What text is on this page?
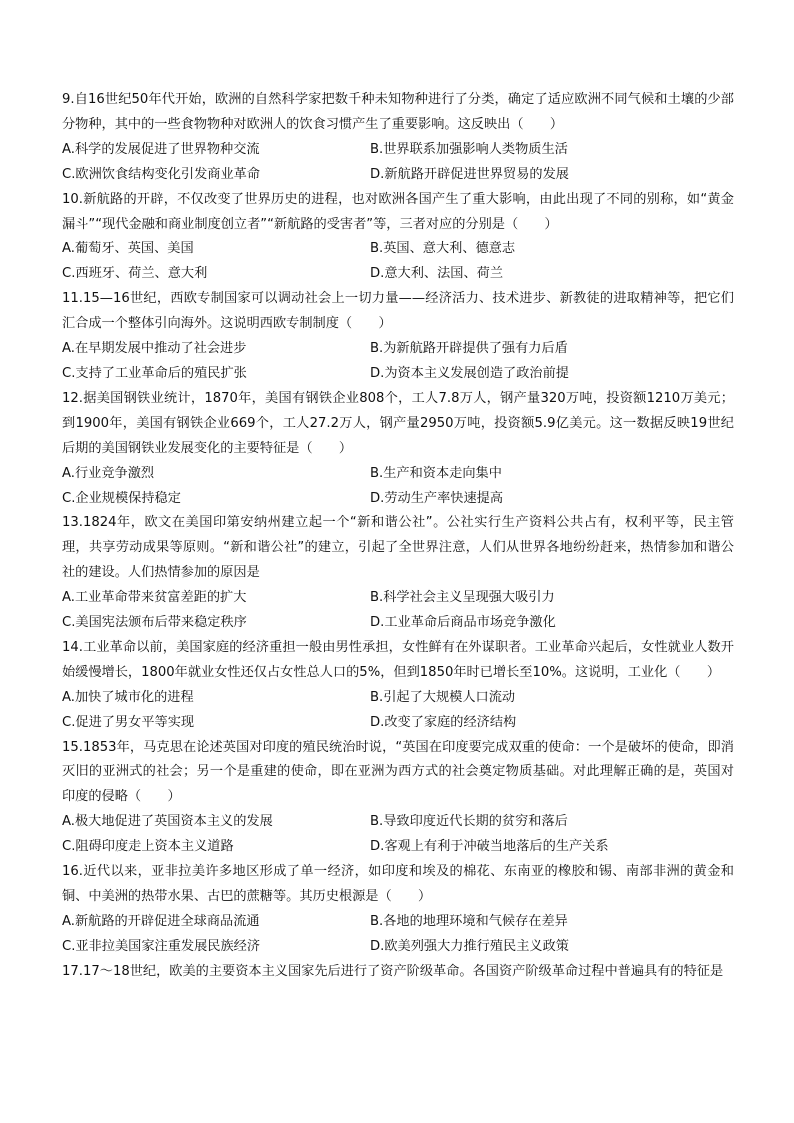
9.自16世纪50年代开始，欧洲的自然科学家把数千种未知物种进行了分类，确定了适应欧洲不同气候和土壤的少部分物种，其中的一些食物物种对欧洲人的饮食习惯产生了重要影响。这反映出（　　）

A.科学的发展促进了世界物种交流	B.世界联系加强影响人类物质生活
C.欧洲饮食结构变化引发商业革命	D.新航路开辟促进世界贸易的发展

10.新航路的开辟，不仅改变了世界历史的进程，也对欧洲各国产生了重大影响，由此出现了不同的别称，如“黄金漏斗”“现代金融和商业制度创立者”“新航路的受害者”等，三者对应的分别是（　　）

A.葡萄牙、英国、美国	B.英国、意大利、德意志
C.西班牙、荷兰、意大利	D.意大利、法国、荷兰

11.15—16世纪，西欧专制国家可以调动社会上一切力量——经济活力、技术进步、新教徒的进取精神等，把它们汇合成一个整体引向海外。这说明西欧专制制度（　　）

A.在早期发展中推动了社会进步	B.为新航路开辟提供了强有力后盾
C.支持了工业革命后的殖民扩张	D.为资本主义发展创造了政治前提

12.据美国钢铁业统计，1870年，美国有钢铁企业808个，工人7.8万人，钢产量320万吨，投资额1210万美元；到1900年，美国有钢铁企业669个，工人27.2万人，钢产量2950万吨，投资额5.9亿美元。这一数据反映19世纪后期的美国钢铁业发展变化的主要特征是（　　）

A.行业竞争激烈	B.生产和资本走向集中
C.企业规模保持稳定	D.劳动生产率快速提高

13.1824年，欧文在美国印第安纳州建立起一个“新和谐公社”。公社实行生产资料公共占有，权利平等，民主管理，共享劳动成果等原则。“新和谐公社”的建立，引起了全世界注意，人们从世界各地纷纷赶来，热情参加和谐公社的建设。人们热情参加的原因是

A.工业革命带来贫富差距的扩大	B.科学社会主义呈现强大吸引力
C.美国宪法颁布后带来稳定秩序	D.工业革命后商品市场竞争激化

14.工业革命以前，美国家庭的经济重担一般由男性承担，女性鲜有在外谋职者。工业革命兴起后，女性就业人数开始缓慢增长，1800年就业女性还仅占女性总人口的5%，但到1850年时已增长至10%。这说明，工业化（　　）

A.加快了城市化的进程	B.引起了大规模人口流动
C.促进了男女平等实现	D.改变了家庭的经济结构

15.1853年，马克思在论述英国对印度的殖民统治时说，“英国在印度要完成双重的使命：一个是破坏的使命，即消灭旧的亚洲式的社会；另一个是重建的使命，即在亚洲为西方式的社会奠定物质基础。对此理解正确的是，英国对印度的侵略（　　）

A.极大地促进了英国资本主义的发展	B.导致印度近代长期的贫穷和落后
C.阻碍印度走上资本主义道路	D.客观上有利于冲破当地落后的生产关系

16.近代以来，亚非拉美许多地区形成了单一经济，如印度和埃及的棉花、东南亚的橡胶和锡、南部非洲的黄金和铜、中美洲的热带水果、古巴的蔗糖等。其历史根源是（　　）

A.新航路的开辟促进全球商品流通	B.各地的地理环境和气候存在差异
C.亚非拉美国家注重发展民族经济	D.欧美列强大力推行殖民主义政策

17.17～18世纪，欧美的主要资本主义国家先后进行了资产阶级革命。各国资产阶级革命过程中普遍具有的特征是
